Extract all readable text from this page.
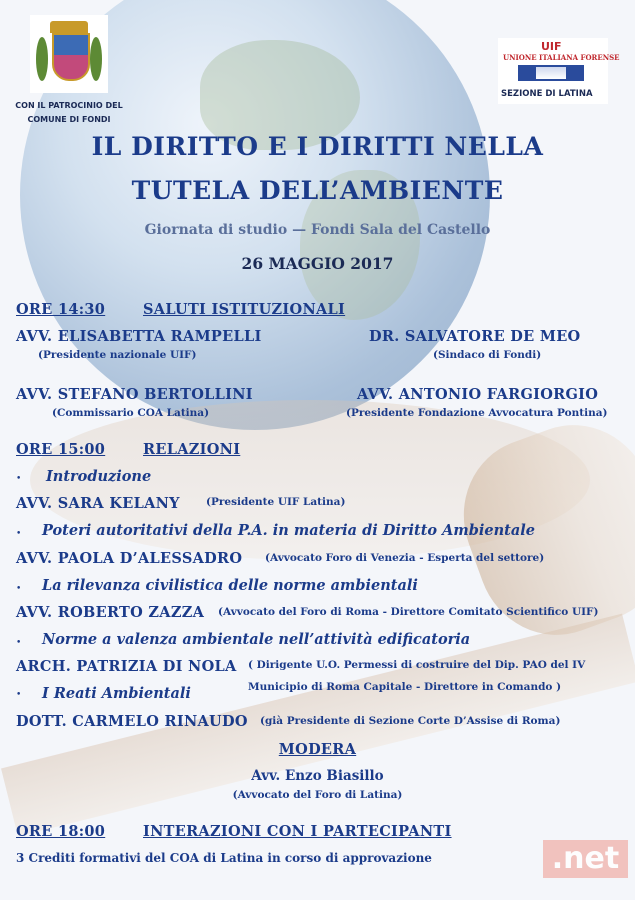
CON IL PATROCINIO DEL
COMUNE DI FONDI
UIF
UNIONE ITALIANA FORENSE
SEZIONE DI LATINA
IL DIRITTO E I DIRITTI NELLA
TUTELA DELL’AMBIENTE
Giornata di studio — Fondi Sala del Castello
26 MAGGIO 2017
ORE 14:30	SALUTI ISTITUZIONALI
AVV. ELISABETTA RAMPELLI
(Presidente nazionale UIF)
DR. SALVATORE DE MEO
(Sindaco di Fondi)
AVV. STEFANO BERTOLLINI
(Commissario COA Latina)
AVV. ANTONIO FARGIORGIO
(Presidente Fondazione Avvocatura Pontina)
ORE 15:00	RELAZIONI
• Introduzione
AVV. SARA KELANY (Presidente UIF Latina)
• Poteri autoritativi della P.A. in materia di Diritto Ambientale
AVV. PAOLA D’ALESSADRO (Avvocato Foro di Venezia - Esperta del settore)
• La rilevanza civilistica delle norme ambientali
AVV. ROBERTO ZAZZA (Avvocato del Foro di Roma - Direttore Comitato Scientifico UIF)
• Norme a valenza ambientale nell’attività edificatoria
ARCH. PATRIZIA DI NOLA ( Dirigente U.O. Permessi di costruire del Dip. PAO del IV
Municipio di Roma Capitale - Direttore in Comando )
• I Reati Ambientali
DOTT. CARMELO RINAUDO (già Presidente di Sezione Corte D’Assise di Roma)
MODERA
Avv. Enzo Biasillo
(Avvocato del Foro di Latina)
ORE 18:00	INTERAZIONI CON I PARTECIPANTI
3 Crediti formativi del COA di Latina in corso di approvazione	.net
